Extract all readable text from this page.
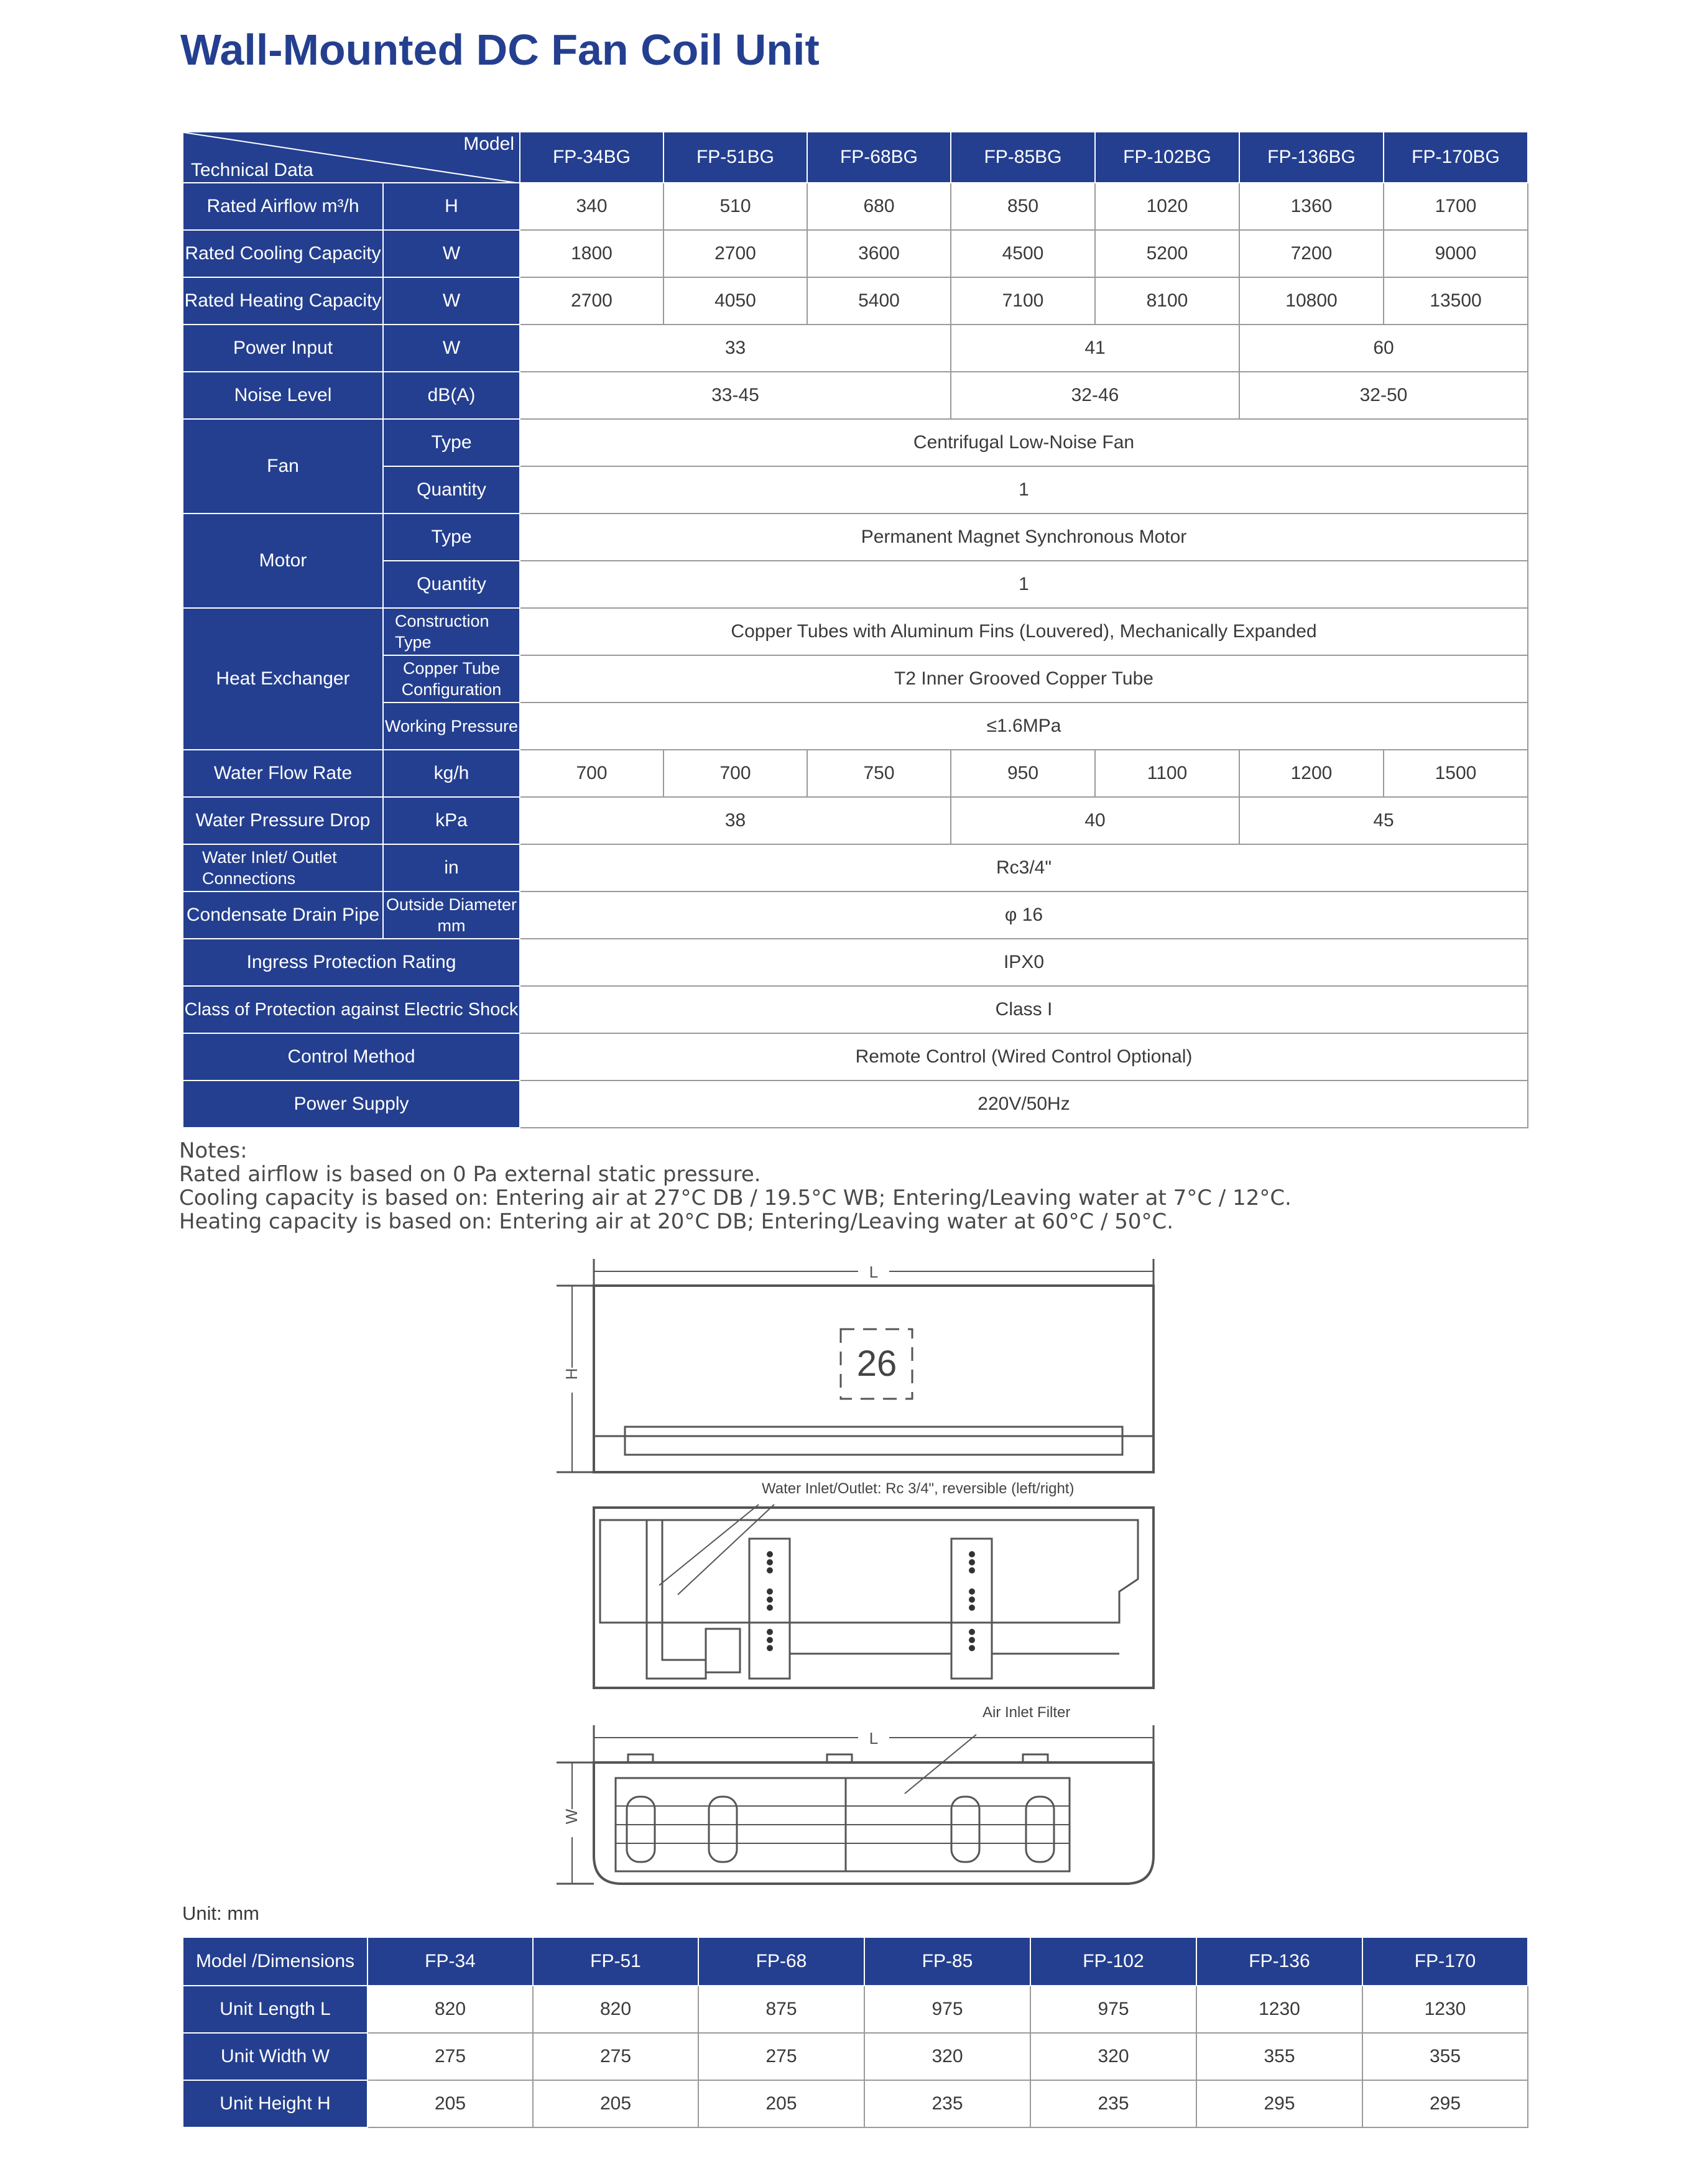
Wall-Mounted DC Fan Coil Unit
Model
Technical Data		FP-34BG	FP-51BG	FP-68BG	FP-85BG	FP-102BG	FP-136BG	FP-170BG
Rated Airflow m³/h	H	340	510	680	850	1020	1360	1700
Rated Cooling Capacity	W	1800	2700	3600	4500	5200	7200	9000
Rated Heating Capacity	W	2700	4050	5400	7100	8100	10800	13500
Power Input	W	33			41		60	
Noise Level	dB(A)	33-45			32-46		32-50	
Fan	Type	Centrifugal Low-Noise Fan						
	Quantity	1						
Motor	Type	Permanent Magnet Synchronous Motor						
	Quantity	1						
Heat Exchanger	Construction Type	Copper Tubes with Aluminum Fins (Louvered), Mechanically Expanded						
	Copper Tube Configuration	T2 Inner Grooved Copper Tube						
	Working Pressure	≤1.6MPa						
Water Flow Rate	kg/h	700	700	750	950	1100	1200	1500
Water Pressure Drop	kPa	38			40		45	
Water Inlet/ Outlet Connections	in	Rc3/4"						
Condensate Drain Pipe	Outside Diameter mm	φ 16						
Ingress Protection Rating		IPX0						
Class of Protection against Electric Shock		Class I						
Control Method		Remote Control (Wired Control Optional)						
Power Supply		220V/50Hz						
Notes:
Rated airflow is based on 0 Pa external static pressure.
Cooling capacity is based on: Entering air at 27°C DB / 19.5°C WB; Entering/Leaving water at 7°C / 12°C.
Heating capacity is based on: Entering air at 20°C DB; Entering/Leaving water at 60°C / 50°C.
L
H	26
Water Inlet/Outlet: Rc 3/4", reversible (left/right)
Air Inlet Filter
L
W
Unit: mm
Model /Dimensions	FP-34	FP-51	FP-68	FP-85	FP-102	FP-136	FP-170
Unit Length L	820	820	875	975	975	1230	1230
Unit Width W	275	275	275	320	320	355	355
Unit Height H	205	205	205	235	235	295	295
